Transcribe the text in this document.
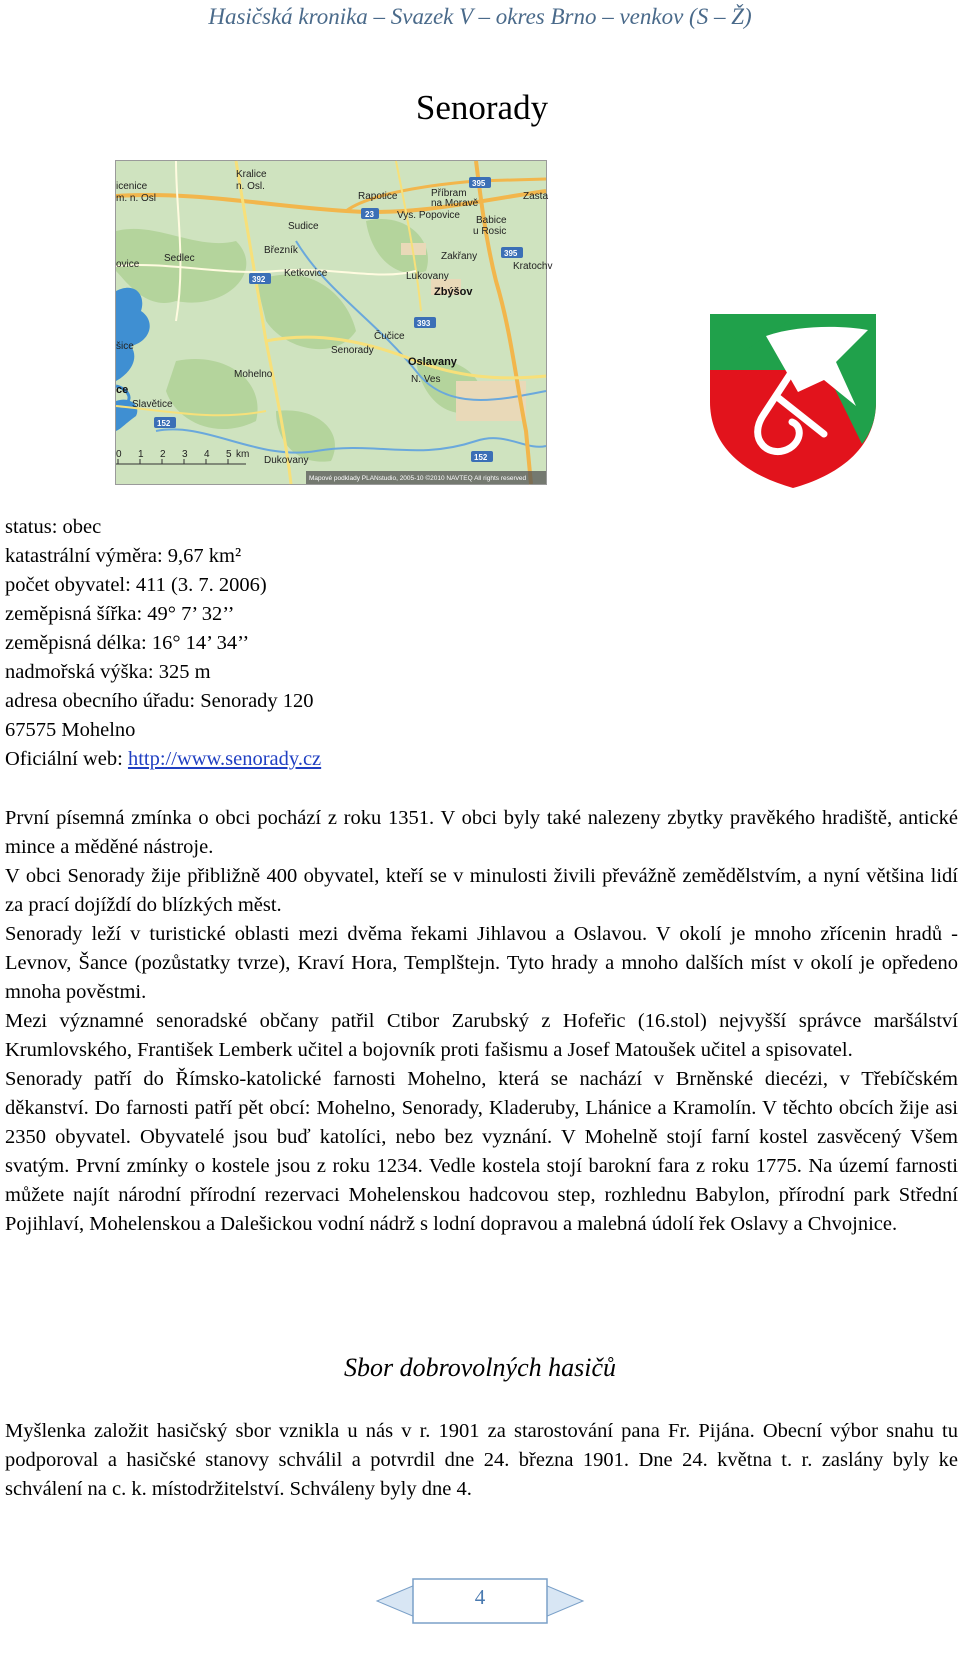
Hasičská kronika – Svazek V – okres Brno – venkov (S – Ž)
Senorady
395
23
395
392
393
152
152
Kralice
n. Osl.
icenice
m. n. Osl
ovice
Sedlec
Březník
Sudice
Rapotice	Příbram
na Moravě
Vys. Popovice Babice
u Rosic
Zasta
Kratochv
Zakřany
Ketkovice	Lukovany
Zbýšov
Čučice
Senorady
Oslavany
N. Ves
šice
Mohelno
ce
Slavětice
Dukovany
0 1 2 3 4 5 km
Mapové podklady PLANstudio, 2005-10 ©2010 NAVTEQ All rights reserved
status: obec
katastrální výměra: 9,67 km²
počet obyvatel: 411 (3. 7. 2006)
zeměpisná šířka: 49° 7’ 32’’
zeměpisná délka: 16° 14’ 34’’
nadmořská výška: 325 m
adresa obecního úřadu: Senorady 120
67575 Mohelno
Oficiální web: http://www.senorady.cz

První písemná zmínka o obci pochází z roku 1351. V obci byly také nalezeny zbytky pravěkého hradiště, antické mince a měděné nástroje.

V obci Senorady žije přibližně 400 obyvatel, kteří se v minulosti živili převážně zemědělstvím, a nyní většina lidí za prací dojíždí do blízkých měst.

Senorady leží v turistické oblasti mezi dvěma řekami Jihlavou a Oslavou. V okolí je mnoho zřícenin hradů - Levnov, Šance (pozůstatky tvrze), Kraví Hora, Templštejn. Tyto hrady a mnoho dalších míst v okolí je opředeno mnoha pověstmi.

Mezi významné senoradské občany patřil Ctibor Zarubský z Hofeřic (16.stol) nejvyšší správce maršálství Krumlovského, František Lemberk učitel a bojovník proti fašismu a Josef Matoušek učitel a spisovatel.

Senorady patří do Římsko-katolické farnosti Mohelno, která se nachází v Brněnské diecézi, v Třebíčském děkanství. Do farnosti patří pět obcí: Mohelno, Senorady, Kladeruby, Lhánice a Kramolín. V těchto obcích žije asi 2350 obyvatel. Obyvatelé jsou buď katolíci, nebo bez vyznání. V Mohelně stojí farní kostel zasvěcený Všem svatým. První zmínky o kostele jsou z roku 1234. Vedle kostela stojí barokní fara z roku 1775. Na území farnosti můžete najít národní přírodní rezervaci Mohelenskou hadcovou step, rozhlednu Babylon, přírodní park Střední Pojihlaví, Mohelenskou a Dalešickou vodní nádrž s lodní dopravou a malebná údolí řek Oslavy a Chvojnice.

Sbor dobrovolných hasičů

Myšlenka založit hasičský sbor vznikla u nás v r. 1901 za starostování pana Fr. Pijána. Obecní výbor snahu tu podporoval a hasičské stanovy schválil a potvrdil dne 24. března 1901. Dne 24. května t. r. zaslány byly ke schválení na c. k. místodržitelství. Schváleny byly dne 4.

4
